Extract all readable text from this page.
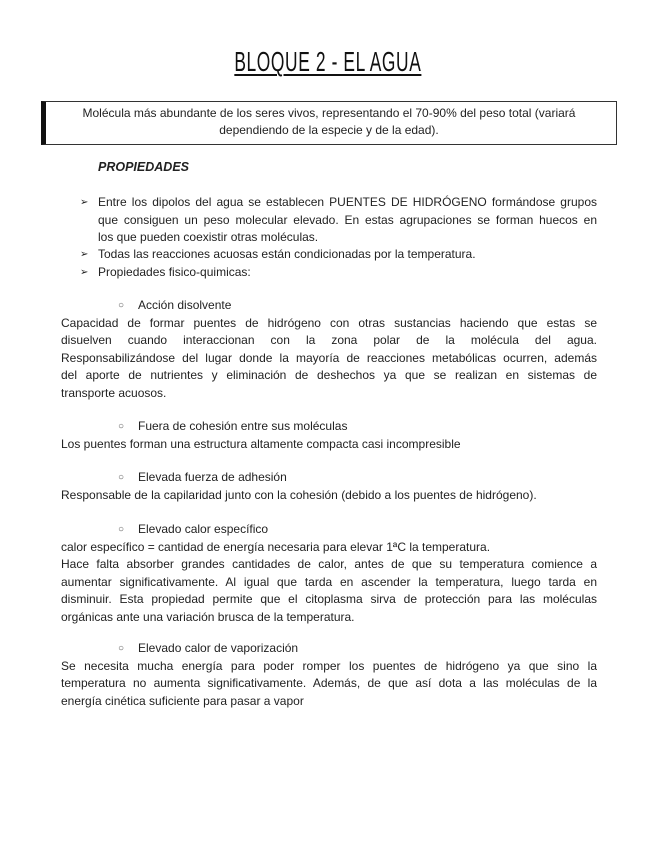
BLOQUE 2 - EL AGUA
Molécula más abundante de los seres vivos, representando el 70-90% del peso total (variará
dependiendo de la especie y de la edad).
PROPIEDADES
➢ Entre los dipolos del agua se establecen PUENTES DE HIDRÓGENO formándose grupos
que consiguen un peso molecular elevado. En estas agrupaciones se forman huecos en
los que pueden coexistir otras moléculas.
➢ Todas las reacciones acuosas están condicionadas por la temperatura.
➢ Propiedades fisico-quimicas:
○ Acción disolvente
Capacidad de formar puentes de hidrógeno con otras sustancias haciendo que estas se
disuelven cuando interaccionan con la zona polar de la molécula del agua.
Responsabilizándose del lugar donde la mayoría de reacciones metabólicas ocurren, además
del aporte de nutrientes y eliminación de deshechos ya que se realizan en sistemas de
transporte acuosos.
○ Fuera de cohesión entre sus moléculas
Los puentes forman una estructura altamente compacta casi incompresible
○ Elevada fuerza de adhesión
Responsable de la capilaridad junto con la cohesión (debido a los puentes de hidrógeno).
○ Elevado calor específico
calor específico = cantidad de energía necesaria para elevar 1ªC la temperatura.
Hace falta absorber grandes cantidades de calor, antes de que su temperatura comience a
aumentar significativamente. Al igual que tarda en ascender la temperatura, luego tarda en
disminuir. Esta propiedad permite que el citoplasma sirva de protección para las moléculas
orgánicas ante una variación brusca de la temperatura.
○ Elevado calor de vaporización
Se necesita mucha energía para poder romper los puentes de hidrógeno ya que sino la
temperatura no aumenta significativamente. Además, de que así dota a las moléculas de la
energía cinética suficiente para pasar a vapor
